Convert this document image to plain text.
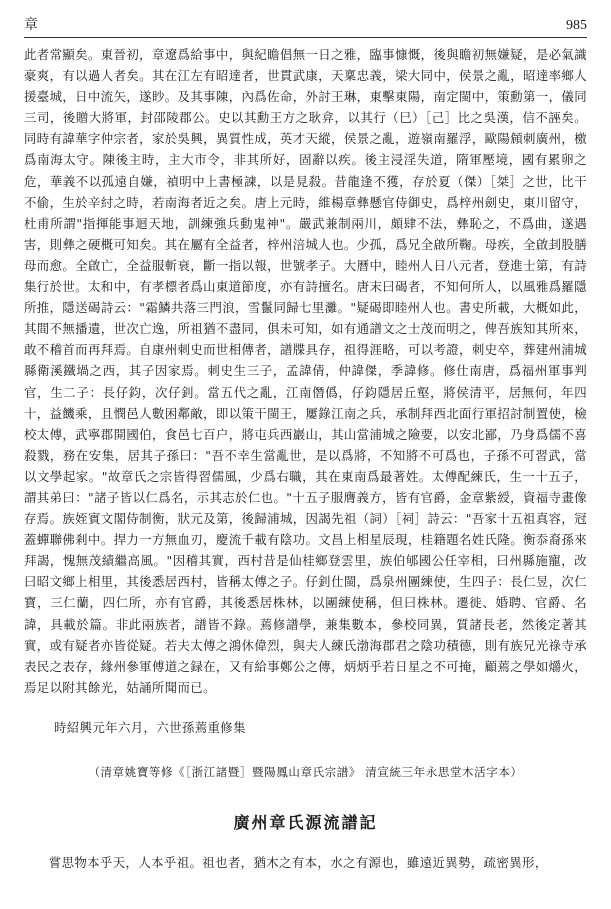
章	985

此者常顯矣。東晉初，章遼爲給事中，與紀瞻倡無一日之雅，臨事慷慨，後與瞻初無嫌疑，是必氣識豪爽，有以過人者矣。其在江左有昭達者，世貫武康，天稟忠義，梁大同中，侯景之亂，昭達率鄉人援臺城，日中流矢，遂眇。及其事陳，內爲佐命，外討王琳，東擊東陽，南定閩中，策勳第一，儀同三司，後贈大將軍，封邵陵郡公。史以其勳王方之耿弇，以其行（巳）［己］比之吳漢，信不誣矣。同時有諱華字仲宗者，家於吳興，異質性成，英才天縱，侯景之亂，遊嶺南羅浮，歐陽頠刺廣州，檄爲南海太守。陳後主時，主大市令，非其所好，固辭以疾。後主浸淫失道，隋軍壓境，國有累卵之危，華義不以孤遠自嫌，禎明中上書極諫，以是見殺。昔龍逢不獲，存於夏（傑）［桀］之世，比干不偷，生於辛紂之時，若南海者近之矣。唐上元時，維楊章彝懸官侍御史，爲梓州劍史，東川留守，杜甫所謂"指揮能事迴天地，訓練強兵動鬼神"。嚴武兼制兩川，頗肆不法，彝恥之，不爲曲，遂遇害，則彝之硬概可知矣。其在屬有全益者，梓州涪城人也。少孤，爲兄全啟所鞠。母疾，全啟刲股膳母而愈。全啟亡，全益服斬衰，斷一指以報，世號孝子。大曆中，睦州人日八元者，登進士第，有詩集行於世。太和中，有孝標者爲山東道節度，亦有詩擅名。唐末曰碣者，不知何所人，以風雅爲羅隱所推，隱送碣詩云："霜鱗共落三門浪，雪鬣同歸七里灘。"疑碣即睦州人也。書史所載，大概如此，其間不無播遺，世次亡逸，所祖猶不盡同，俱未可知，如有通譜文之士茂而明之，俾吾族知其所來，敢不稽首而再拜焉。自康州刺史而世相傳者，譜牒具存，祖得涯略，可以考證，刺史卒，葬建州浦城縣衛溪鐵堝之西，其子因家焉。刺史生三子，孟諱倩，仲諱傑，季諱修。修仕南唐，爲福州軍事判官，生二子：長仔鈞，次仔釗。當五代之亂，江南僭僞，仔鈞隱居丘壑，將侯清平，居無何，年四十，益饑乘，且憫邑人數困鄰敵，即以策干閩王，屢錄江南之兵，承制拜西北面行軍招討制置使，檢校太傅，武寧郡開國伯，食邑七百户，將屯兵西巖山，其山當浦城之險要，以安北鄙，乃身爲儒不喜殺戮，務在安集，居其子孫曰："吾不幸生當亂世，是以爲將，不知將不可爲也，子孫不可習武，當以文學起家。"故章氏之宗皆得習儒風，少爲右職，其在東南爲最著姓。太傅配練氏，生一十五子，謂其弟曰："諸子皆以仁爲名，示其志於仁也。"十五子服膺義方，皆有官爵，金章紫綬，資福寺畫像存焉。族姪賓文閣侍制衡，狀元及第，後歸浦城，因謁先祖（詞）［祠］詩云："吾家十五祖真容，冠蓋蟬聯佛剎中。捍力一方無血刃，慶流千載有陰功。文昌上相星辰現，桂籍題名姓氏隆。衡忝裔孫來拜謁，愧無茂績繼高風。"因稽其實，西村昔是仙桂鄉登雲里，族伯郇國公任宰相，曰州縣施寵，改曰昭文鄉上相里，其後悉居西村，皆稱太傅之子。仔釗仕閩，爲泉州團練使，生四子：長仁昱，次仁寶，三仁蘭，四仁所，亦有官爵，其後悉居株林，以團練使稱，但曰株林。遷徙、婚聘、官爵、名諱，具載於篇。非此兩族者，譜皆不錄。蔫修譜學，兼集數本，參校同異，質諸長老，然後定著其實，或有疑者亦皆從疑。若夫太傅之鴻休偉烈，與夫人練氏渤海郡君之陰功積德，則有族兄光祿寺承表民之表存，緣州參軍傅道之録在，又有給事鄭公之傳，炳炳乎若日星之不可掩，顧蔫之學如爝火，焉足以附其餘光，姑誦所聞而已。

時紹興元年六月，六世孫蔫重修集
（清章姚寶等修《［浙江諸暨］暨陽鳳山章氏宗譜》 清宣統三年永思堂木活字本）
廣州章氏源流譜記
嘗思物本乎天，人本乎祖。祖也者，猶木之有本，水之有源也，雖遠近異勢，疏密異形，
